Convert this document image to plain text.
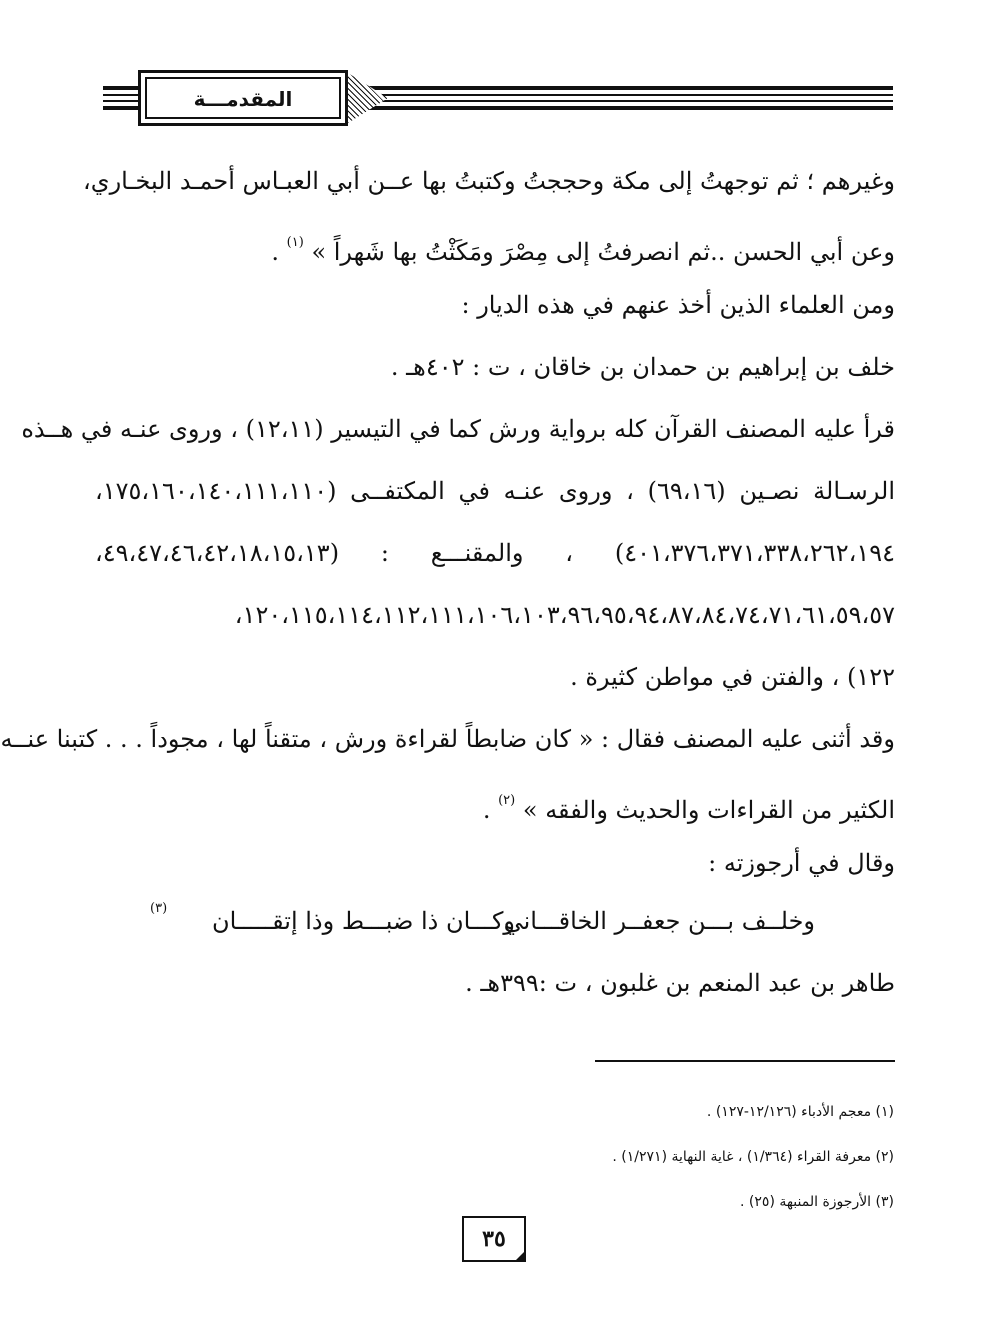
المقدمـــة
وغيرهم ؛ ثم توجهتُ إلى مكة وحججتُ وكتبتُ بها عــن أبي العبـاس أحمـد البخـاري،
وعن أبي الحسن ..ثم انصرفتُ إلى مِصْرَ ومَكَثْتُ بها شَهراً » $^{(١)}$ .
ومن العلماء الذين أخذ عنهم في هذه الديار :
خلف بن إبراهيم بن حمدان بن خاقان ، ت : ٤٠٢هـ .
قرأ عليه المصنف القرآن كله برواية ورش كما في التيسير (١٢،١١) ، وروى عنـه في هــذه
الرسـالة نصـين (٦٩،١٦) ، وروى عنـه في المكتفــى (١٧٥،١٦٠،١٤٠،١١١،١١٠،
٤٠١،٣٧٦،٣٧١،٣٣٨،٢٦٢،١٩٤) ، والمقنـــع : (٤٩،٤٧،٤٦،٤٢،١٨،١٥،١٣،
١٢٠،١١٥،١١٤،١١٢،١١١،١٠٦،١٠٣،٩٦،٩٥،٩٤،٨٧،٨٤،٧٤،٧١،٦١،٥٩،٥٧،
١٢٢) ، والفتن في مواطن كثيرة .
وقد أثنى عليه المصنف فقال : « كان ضابطاً لقراءة ورش ، متقناً لها ، مجوداً . . . كتبنا عنــه
الكثير من القراءات والحديث والفقه » $^{(٢)}$ .
وقال في أرجوزته :
وخلــف بـــن جعفــر الخاقـــاني
وكـــان ذا ضبـــط وذا إتقـــــان
(٣)
طاهر بن عبد المنعم بن غلبون ، ت :٣٩٩هـ .
(١) معجم الأدباء (١٢/١٢٦-١٢٧) .
(٢) معرفة القراء (١/٣٦٤) ، غاية النهاية (١/٢٧١) .
(٣) الأرجوزة المنبهة (٢٥) .
٣٥
